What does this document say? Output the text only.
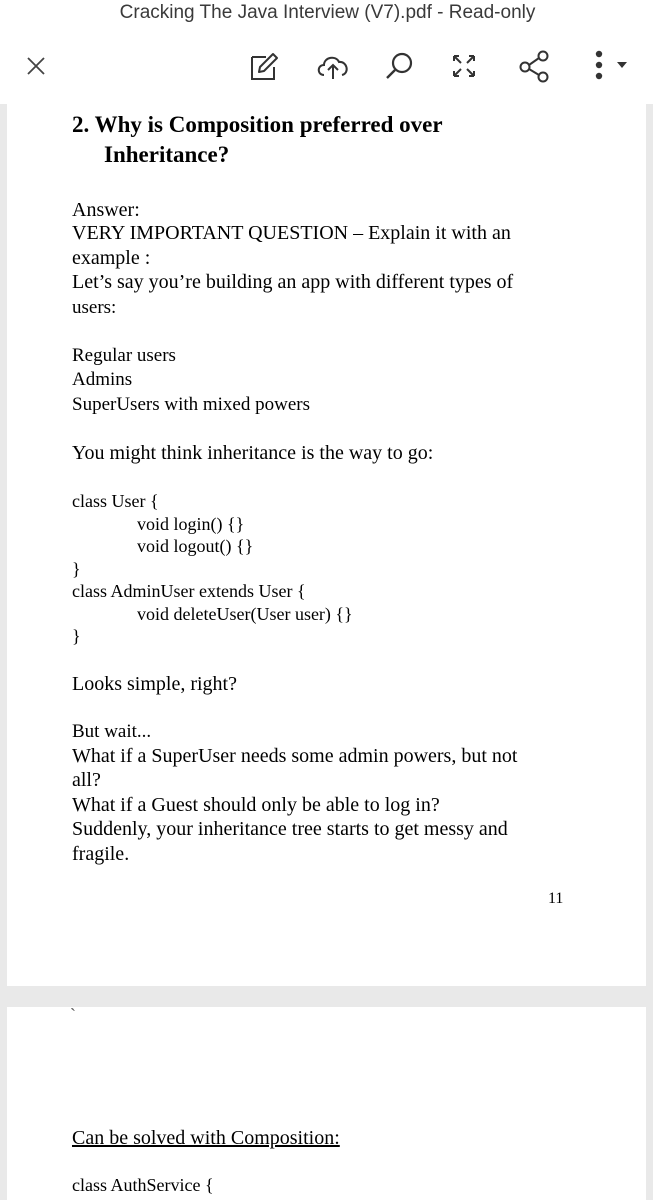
Cracking The Java Interview (V7).pdf - Read-only
2. Why is Composition preferred over
Inheritance?
Answer:
VERY IMPORTANT QUESTION – Explain it with an
example :
Let’s say you’re building an app with different types of
users:
Regular users
Admins
SuperUsers with mixed powers
You might think inheritance is the way to go:
class User {
void login() {}
void logout() {}
}
class AdminUser extends User {
void deleteUser(User user) {}
}
Looks simple, right?
But wait...
What if a SuperUser needs some admin powers, but not
all?
What if a Guest should only be able to log in?
Suddenly, your inheritance tree starts to get messy and
fragile.
11
`
Can be solved with Composition:
class AuthService {
